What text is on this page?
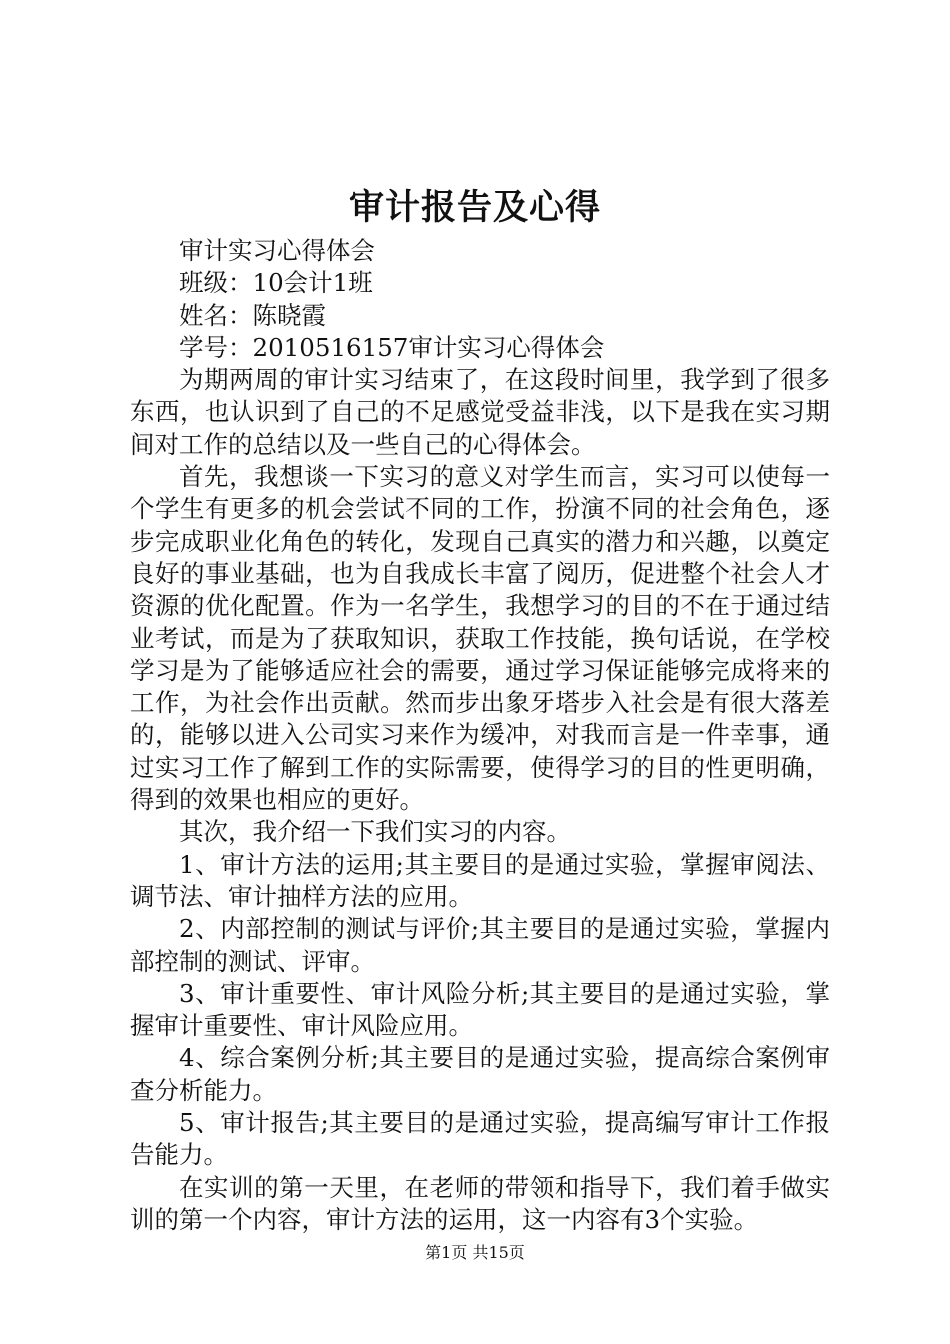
审计报告及心得

审计实习心得体会

班级：10会计1班

姓名：陈晓霞

学号：2010516157审计实习心得体会

为期两周的审计实习结束了，在这段时间里，我学到了很多东西，也认识到了自己的不足感觉受益非浅，以下是我在实习期间对工作的总结以及一些自己的心得体会。

首先，我想谈一下实习的意义对学生而言，实习可以使每一个学生有更多的机会尝试不同的工作，扮演不同的社会角色，逐步完成职业化角色的转化，发现自己真实的潜力和兴趣，以奠定良好的事业基础，也为自我成长丰富了阅历，促进整个社会人才资源的优化配置。作为一名学生，我想学习的目的不在于通过结业考试，而是为了获取知识，获取工作技能，换句话说，在学校学习是为了能够适应社会的需要，通过学习保证能够完成将来的工作，为社会作出贡献。然而步出象牙塔步入社会是有很大落差的，能够以进入公司实习来作为缓冲，对我而言是一件幸事，通过实习工作了解到工作的实际需要，使得学习的目的性更明确，得到的效果也相应的更好。

其次，我介绍一下我们实习的内容。

1、审计方法的运用;其主要目的是通过实验，掌握审阅法、调节法、审计抽样方法的应用。

2、内部控制的测试与评价;其主要目的是通过实验，掌握内部控制的测试、评审。

3、审计重要性、审计风险分析;其主要目的是通过实验，掌握审计重要性、审计风险应用。

4、综合案例分析;其主要目的是通过实验，提高综合案例审查分析能力。

5、审计报告;其主要目的是通过实验，提高编写审计工作报告能力。

在实训的第一天里，在老师的带领和指导下，我们着手做实训的第一个内容，审计方法的运用，这一内容有3个实验。

第1页 共15页
